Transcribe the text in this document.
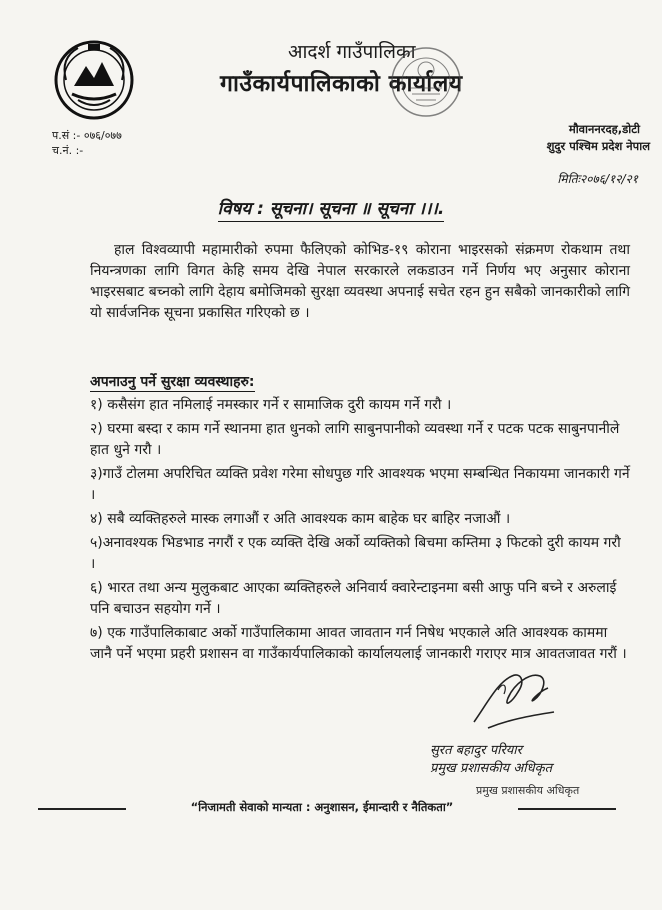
आदर्श गाउँपालिका
गाउँकार्यपालिकाको कार्यालय
प.सं :- ०७६/०७७
च.नं. :-
मौवाननरदह,डोटी
शुदुर पश्चिम प्रदेश नेपाल
मितिः२०७६/१२/२१
विषय : सूचना। सूचना ॥ सूचना ।।।.
हाल विश्वव्यापी महामारीको रुपमा फैलिएको कोभिड-१९ कोराना भाइरसको संक्रमण रोकथाम तथा नियन्त्रणका लागि विगत केहि समय देखि नेपाल सरकारले लकडाउन गर्ने निर्णय भए अनुसार कोराना भाइरसबाट बच्नको लागि देहाय बमोजिमको सुरक्षा व्यवस्था अपनाई सचेत रहन हुन सबैको जानकारीको लागि यो सार्वजनिक सूचना प्रकासित गरिएको छ ।
अपनाउनु पर्ने सुरक्षा व्यवस्थाहरु:
१) कसैसंग हात नमिलाई नमस्कार गर्ने र सामाजिक दुरी कायम गर्ने गरौ ।
२) घरमा बस्दा र काम गर्ने स्थानमा हात धुनको लागि साबुनपानीको व्यवस्था गर्ने र पटक पटक साबुनपानीले हात धुने गरौ ।
३)गाउँ टोलमा अपरिचित व्यक्ति प्रवेश गरेमा सोधपुछ गरि आवश्यक भएमा सम्बन्धित निकायमा जानकारी गर्ने ।
४) सबै व्यक्तिहरुले मास्क लगाऔं र अति आवश्यक काम बाहेक घर बाहिर नजाऔं ।
५)अनावश्यक भिडभाड नगरौं र एक व्यक्ति देखि अर्को व्यक्तिको बिचमा कम्तिमा ३ फिटको दुरी कायम गरौ ।
६) भारत तथा अन्य मुलुकबाट आएका ब्यक्तिहरुले अनिवार्य क्वारेन्टाइनमा बसी आफु पनि बच्ने र अरुलाई पनि बचाउन सहयोग गर्ने ।
७) एक गाउँपालिकाबाट अर्को गाउँपालिकामा आवत जावतान गर्न निषेध भएकाले अति आवश्यक काममा जानै पर्ने भएमा प्रहरी प्रशासन वा गाउँकार्यपालिकाको कार्यालयलाई जानकारी गराएर मात्र आवतजावत गरौं ।
सुरत बहादुर परियार
प्रमुख प्रशासकीय अधिकृत
प्रमुख प्रशासकीय अधिकृत
“निजामती सेवाको मान्यता : अनुशासन, ईमान्दारी र नैतिकता”
